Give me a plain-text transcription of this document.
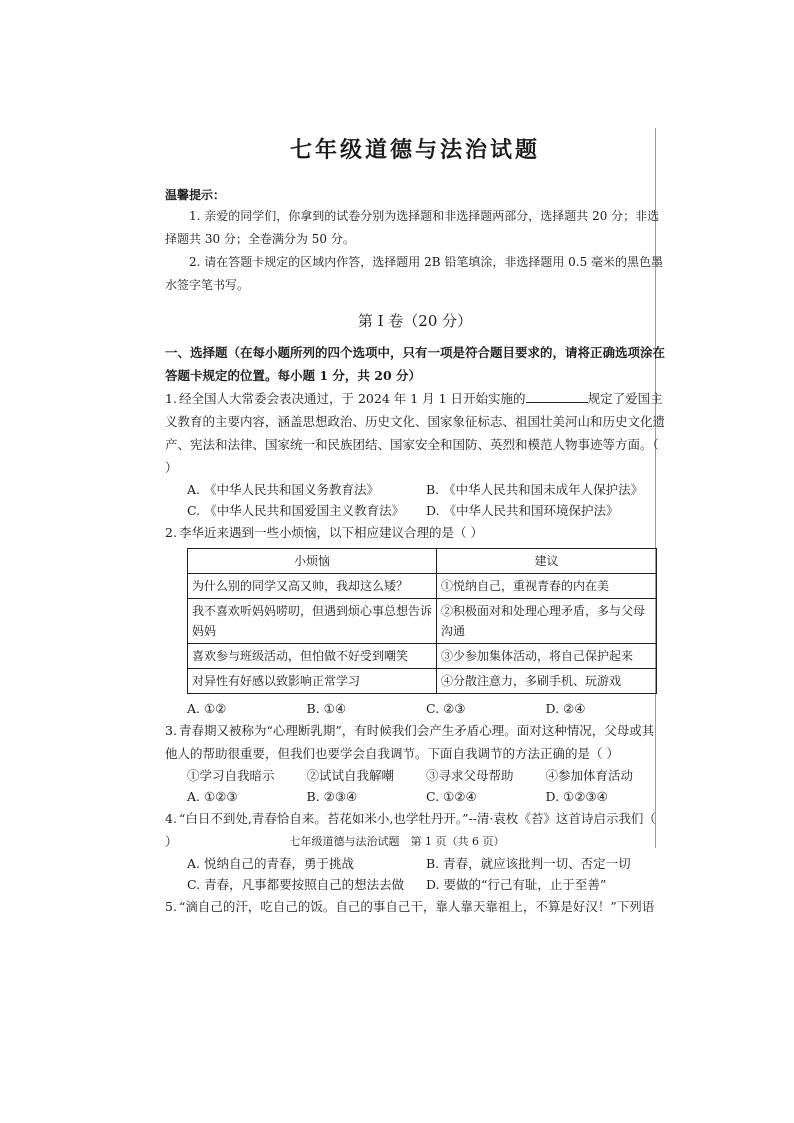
七年级道德与法治试题
温馨提示：

1. 亲爱的同学们，你拿到的试卷分别为选择题和非选择题两部分，选择题共 20 分；非选择题共 30 分；全卷满分为 50 分。

2. 请在答题卡规定的区域内作答，选择题用 2B 铅笔填涂，非选择题用 0.5 毫米的黑色墨水签字笔书写。

第 I 卷（20 分）

一、选择题（在每小题所列的四个选项中，只有一项是符合题目要求的，请将正确选项涂在答题卡规定的位置。每小题 1 分，共 20 分）

1. 经全国人大常委会表决通过，于 2024 年 1 月 1 日开始实施的	规定了爱国主义教育的主要内容，涵盖思想政治、历史文化、国家象征标志、祖国壮美河山和历史文化遗产、宪法和法律、国家统一和民族团结、国家安全和国防、英烈和模范人物事迹等方面。（ ）

A. 《中华人民共和国义务教育法》	B. 《中华人民共和国未成年人保护法》
C. 《中华人民共和国爱国主义教育法》	D. 《中华人民共和国环境保护法》

2. 李华近来遇到一些小烦恼，以下相应建议合理的是（ ）

小烦恼	建议
为什么别的同学又高又帅，我却这么矮？	①悦纳自己，重视青春的内在美
我不喜欢听妈妈唠叨，但遇到烦心事总想告诉妈妈	②积极面对和处理心理矛盾，多与父母沟通
喜欢参与班级活动，但怕做不好受到嘲笑	③少参加集体活动，将自己保护起来
对异性有好感以致影响正常学习	④分散注意力，多刷手机、玩游戏
A. ①②	B. ①④	C. ②③	D. ②④

3. 青春期又被称为“心理断乳期”，有时候我们会产生矛盾心理。面对这种情况，父母或其他人的帮助很重要，但我们也要学会自我调节。下面自我调节的方法正确的是（ ）

①学习自我暗示	②试试自我解嘲	③寻求父母帮助	④参加体育活动
A. ①②③	B. ②③④	C. ①②④	D. ①②③④

4. “白日不到处,青春恰自来。苔花如米小,也学牡丹开。”--清·袁枚《苔》这首诗启示我们（ ）

A. 悦纳自己的青春，勇于挑战	B. 青春，就应该批判一切、否定一切
C. 青春，凡事都要按照自己的想法去做	D. 要做的“行己有耻，止于至善”

5. “滴自己的汗，吃自己的饭。自己的事自己干，靠人靠天靠祖上，不算是好汉！”下列语

七年级道德与法治试题　第 1 页（共 6 页）
